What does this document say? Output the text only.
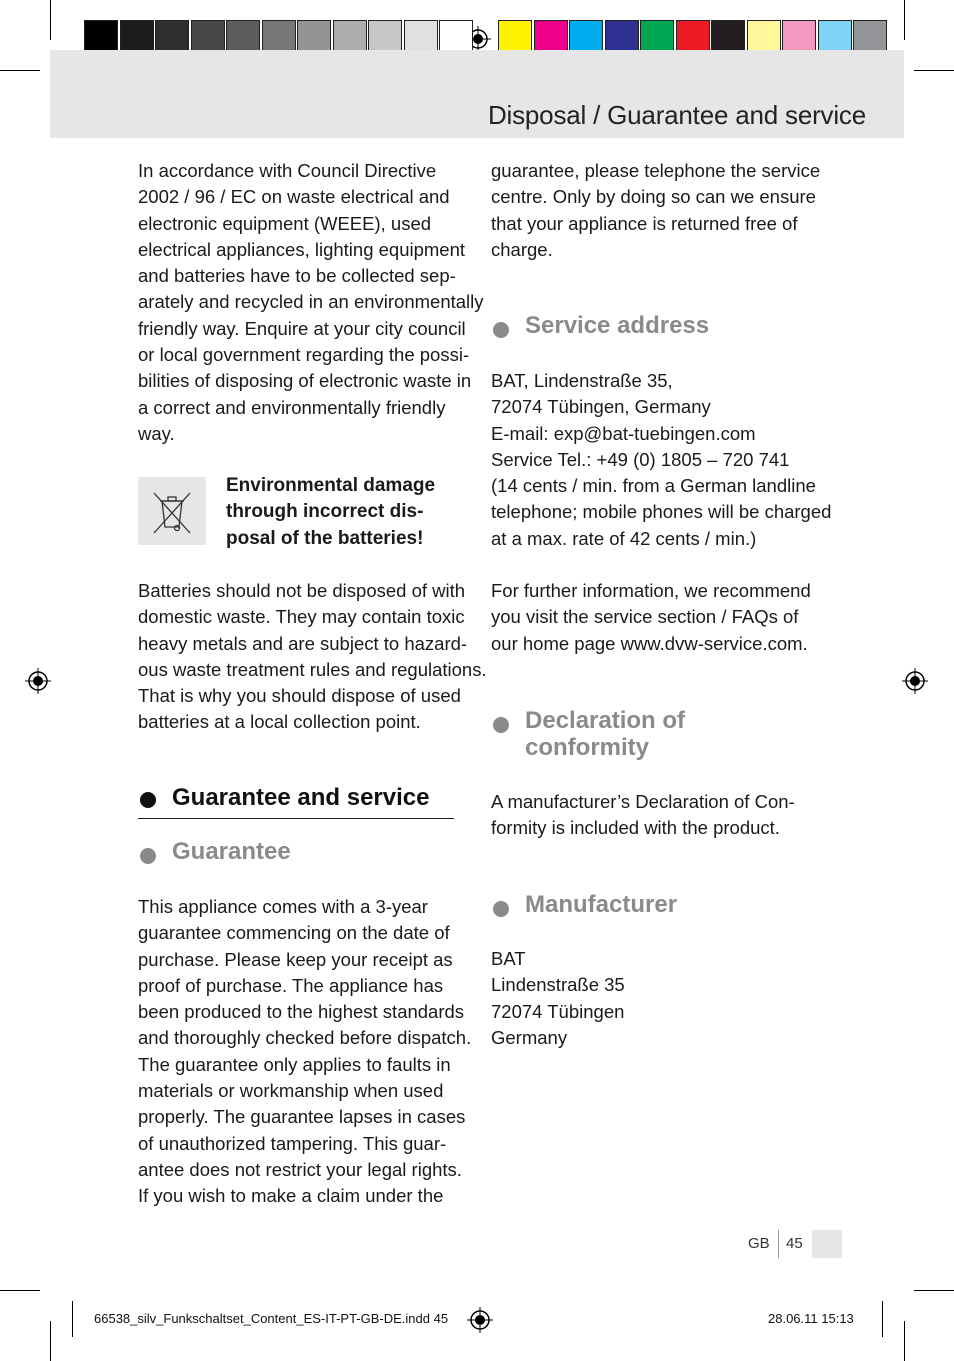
Disposal / Guarantee and service

In accordance with Council Directive
2002 / 96 / EC on waste electrical and
electronic equipment (WEEE), used
electrical appliances, lighting equipment
and batteries have to be collected sep-
arately and recycled in an environmentally
friendly way. Enquire at your city council
or local government regarding the possi-
bilities of disposing of electronic waste in
a correct and environmentally friendly
way.

Environmental damage
through incorrect dis-
posal of the batteries!

Batteries should not be disposed of with
domestic waste. They may contain toxic
heavy metals and are subject to hazard-
ous waste treatment rules and regulations.
That is why you should dispose of used
batteries at a local collection point.

Guarantee and service
Guarantee

This appliance comes with a 3-year
guarantee commencing on the date of
purchase. Please keep your receipt as
proof of purchase. The appliance has
been produced to the highest standards
and thoroughly checked before dispatch.
The guarantee only applies to faults in
materials or workmanship when used
properly. The guarantee lapses in cases
of unauthorized tampering. This guar-
antee does not restrict your legal rights.
If you wish to make a claim under the

guarantee, please telephone the service
centre. Only by doing so can we ensure
that your appliance is returned free of
charge.

Service address

BAT, Lindenstraße 35,
72074 Tübingen, Germany
E-mail: exp@bat-tuebingen.com
Service Tel.: +49 (0) 1805 – 720 741
(14 cents / min. from a German landline
telephone; mobile phones will be charged
at a max. rate of 42 cents / min.)

For further information, we recommend
you visit the service section / FAQs of
our home page www.dvw-service.com.

Declaration of
conformity

A manufacturer’s Declaration of Con-
formity is included with the product.

Manufacturer

BAT
Lindenstraße 35
72074 Tübingen
Germany

GB 45
66538_silv_Funkschaltset_Content_ES-IT-PT-GB-DE.indd 45	28.06.11 15:13
